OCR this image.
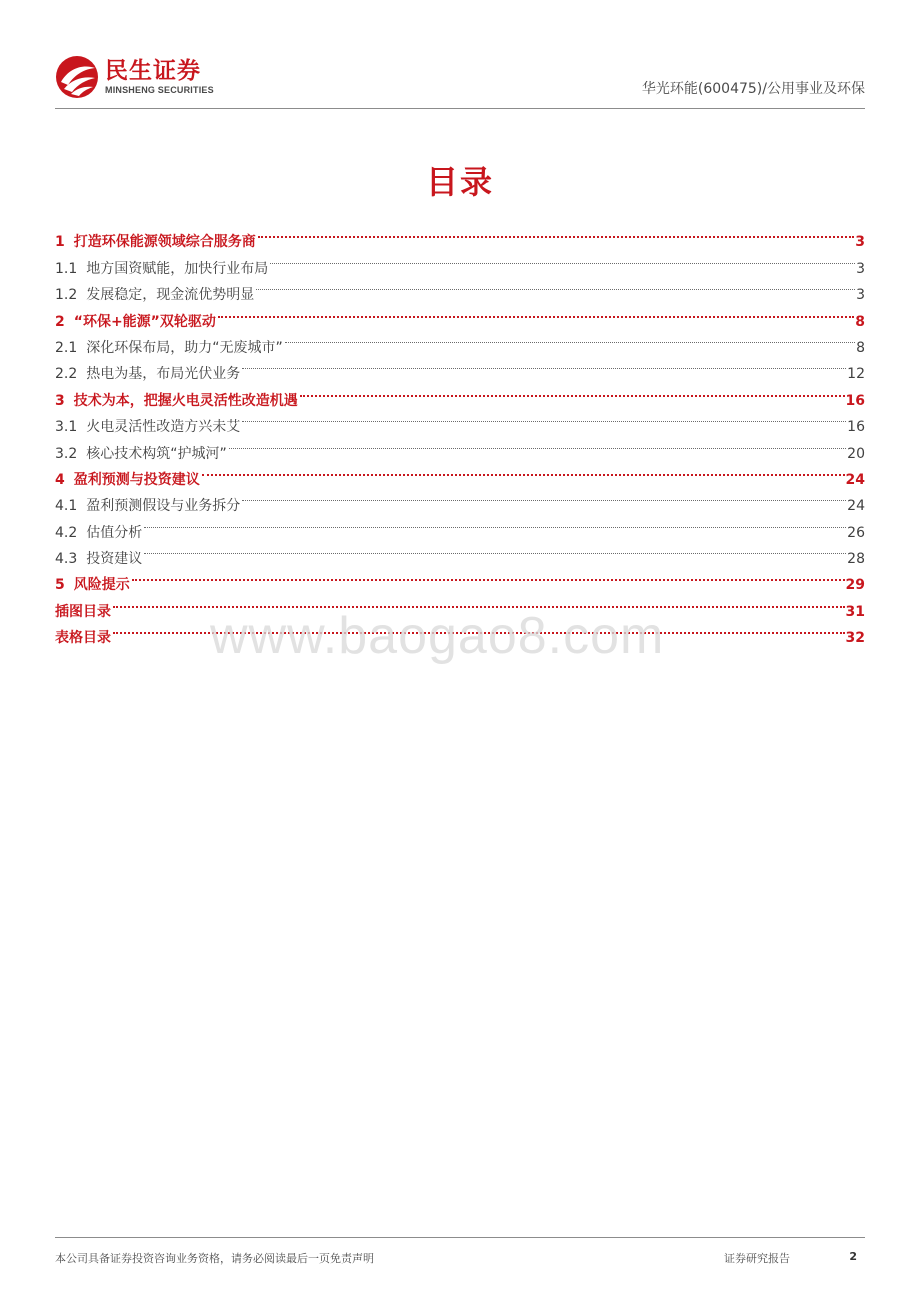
民生证券
MINSHENG SECURITIES	华光环能(600475)/公用事业及环保
目录
1 打造环保能源领域综合服务商	3
1.1 地方国资赋能，加快行业布局	3
1.2 发展稳定，现金流优势明显	3
2 “环保+能源”双轮驱动	8
2.1 深化环保布局，助力“无废城市”	8
2.2 热电为基，布局光伏业务	12
3 技术为本，把握火电灵活性改造机遇	16
3.1 火电灵活性改造方兴未艾	16
3.2 核心技术构筑“护城河”	20
4 盈利预测与投资建议	24
4.1 盈利预测假设与业务拆分	24
4.2 估值分析	26
4.3 投资建议	28
5 风险提示	29
插图目录	31
表格目录	32
www.baogao8.com
本公司具备证券投资咨询业务资格，请务必阅读最后一页免责声明	证券研究报告	2
